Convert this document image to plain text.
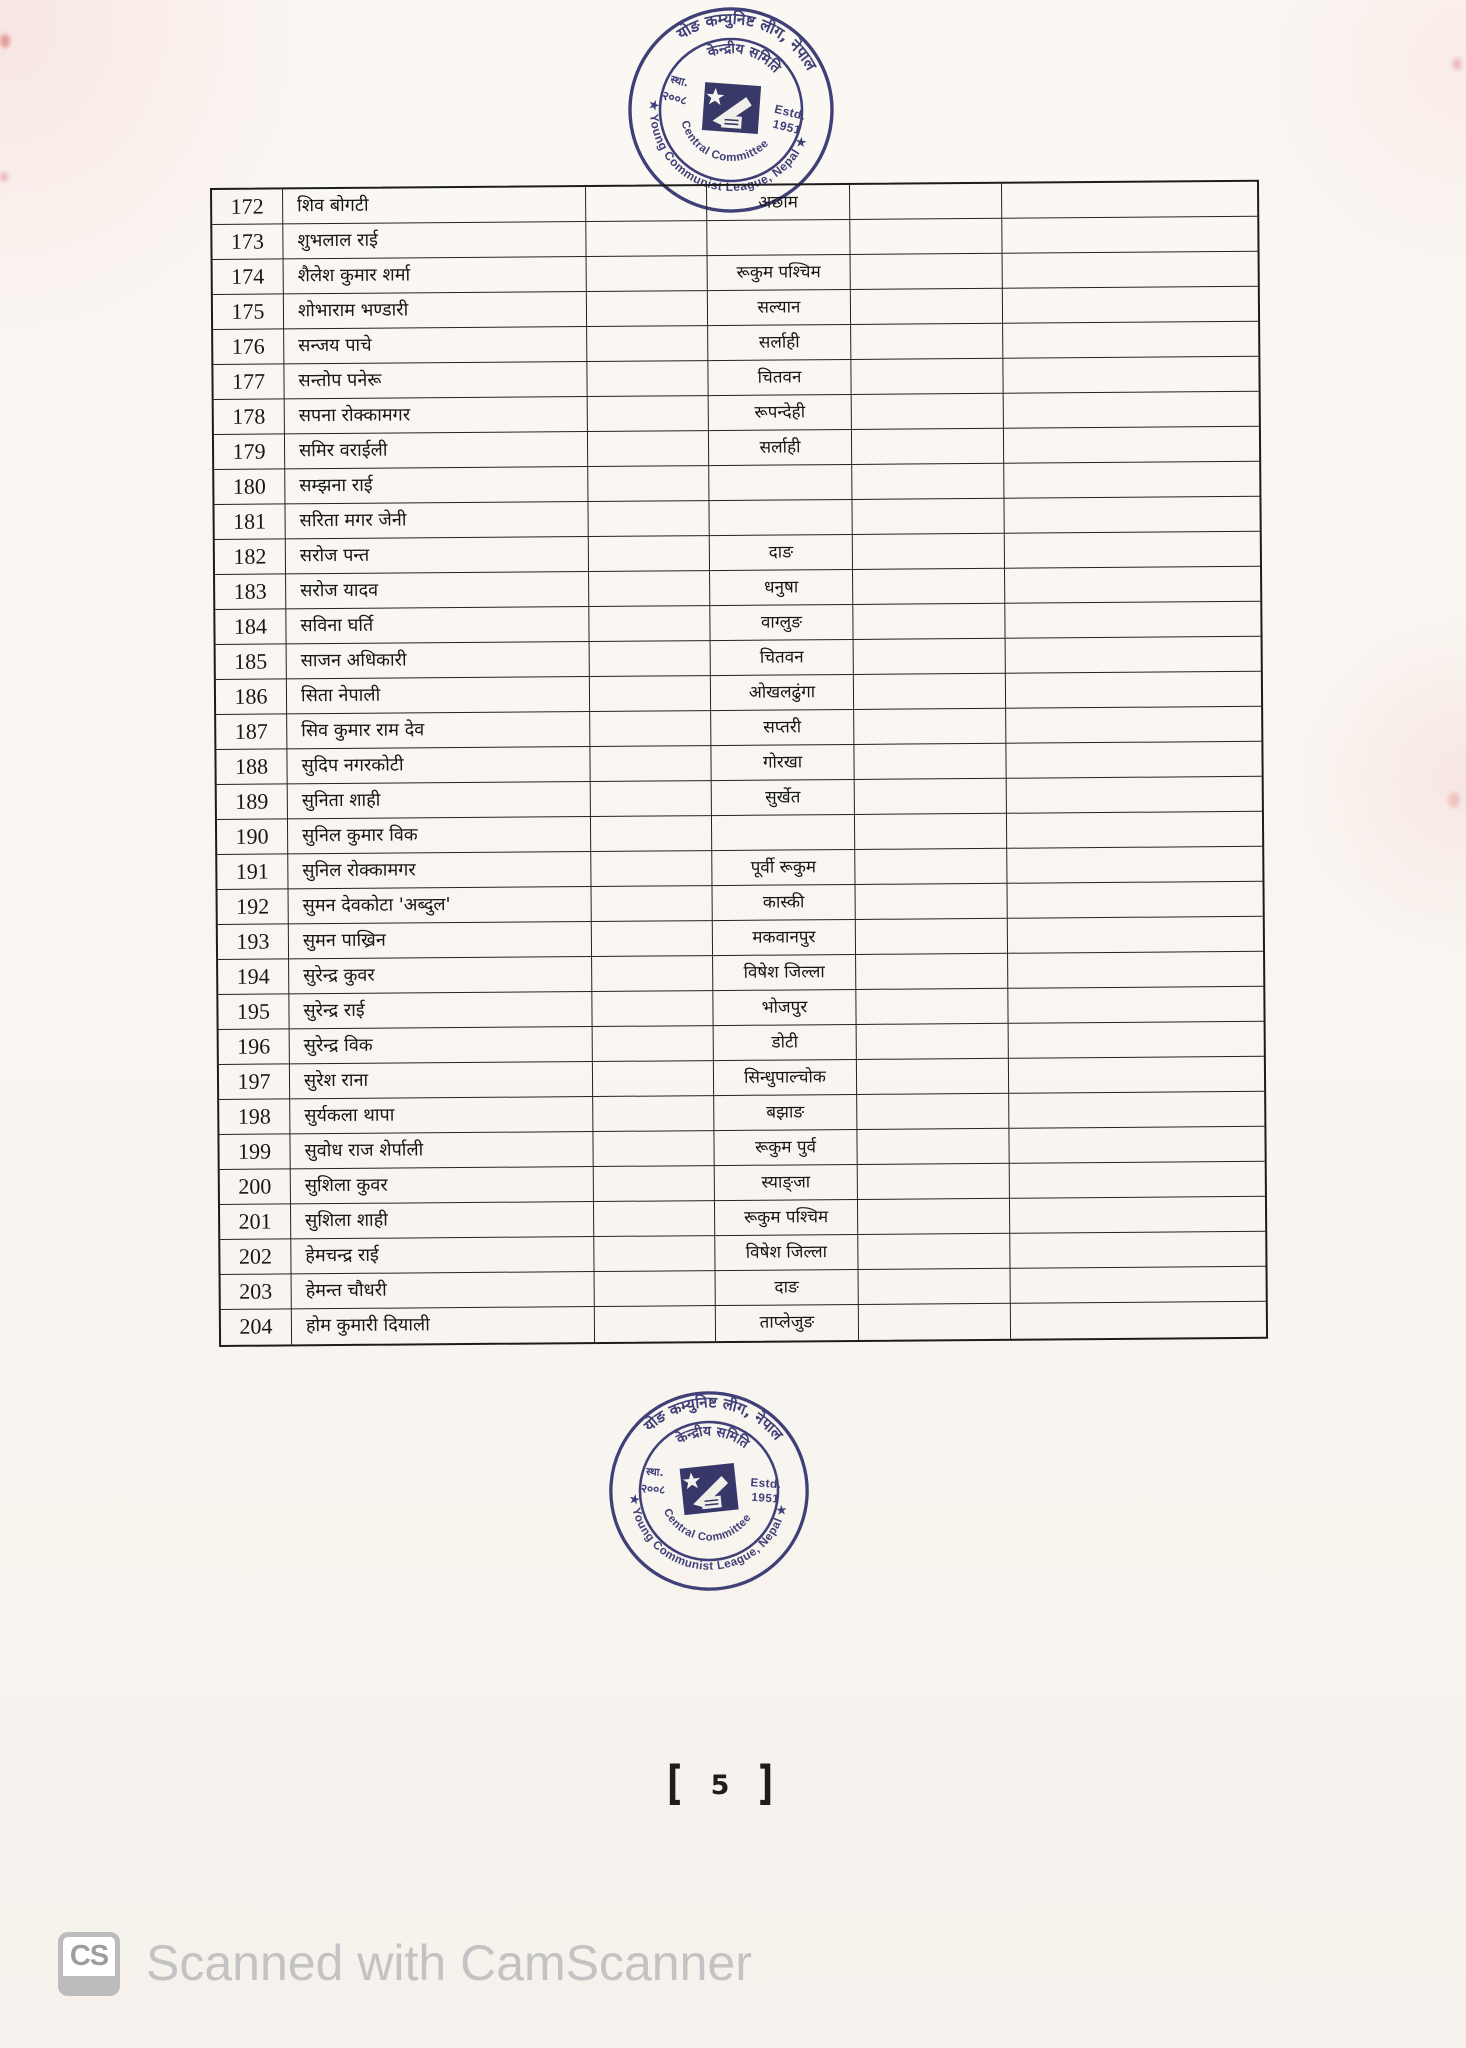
योङ कम्युनिष्ट लीग, नेपाल
★ Young Communist League, Nepal ★
केन्द्रीय समिति
Central Committee
स्था.
२००८
Estd.
1951
172	शिव बोगटी	अछाम
173	शुभलाल राई
174	शैलेश कुमार शर्मा	रूकुम पश्चिम
175	शोभाराम भण्डारी	सल्यान
176	सन्जय पाचे	सर्लाही
177	सन्तोप पनेरू	चितवन
178	सपना रोक्कामगर	रूपन्देही
179	समिर वराईली	सर्लाही
180	सम्झना राई
181	सरिता मगर जेनी
182	सरोज पन्त	दाङ
183	सरोज यादव	धनुषा
184	सविना घर्ति	वाग्लुङ
185	साजन अधिकारी	चितवन
186	सिता नेपाली	ओखलढुंगा
187	सिव कुमार राम देव	सप्तरी
188	सुदिप नगरकोटी	गोरखा
189	सुनिता शाही	सुर्खेत
190	सुनिल कुमार विक
191	सुनिल रोक्कामगर	पूर्वी रूकुम
192	सुमन देवकोटा 'अब्दुल'	कास्की
193	सुमन पाख्रिन	मकवानपुर
194	सुरेन्द्र कुवर	विषेश जिल्ला
195	सुरेन्द्र राई	भोजपुर
196	सुरेन्द्र विक	डोटी
197	सुरेश राना	सिन्धुपाल्चोक
198	सुर्यकला थापा	बझाङ
199	सुवोध राज शेर्पाली	रूकुम पुर्व
200	सुशिला कुवर	स्याङ्जा
201	सुशिला शाही	रूकुम पश्चिम
202	हेमचन्द्र राई	विषेश जिल्ला
203	हेमन्त चौधरी	दाङ
204	होम कुमारी दियाली	ताप्लेजुङ
योङ कम्युनिष्ट लीग, नेपाल
★ Young Communist League, Nepal ★
केन्द्रीय समिति
Central Committee
स्था.
२००८	Estd.
1951
[ 5 ]
CS Scanned with CamScanner
